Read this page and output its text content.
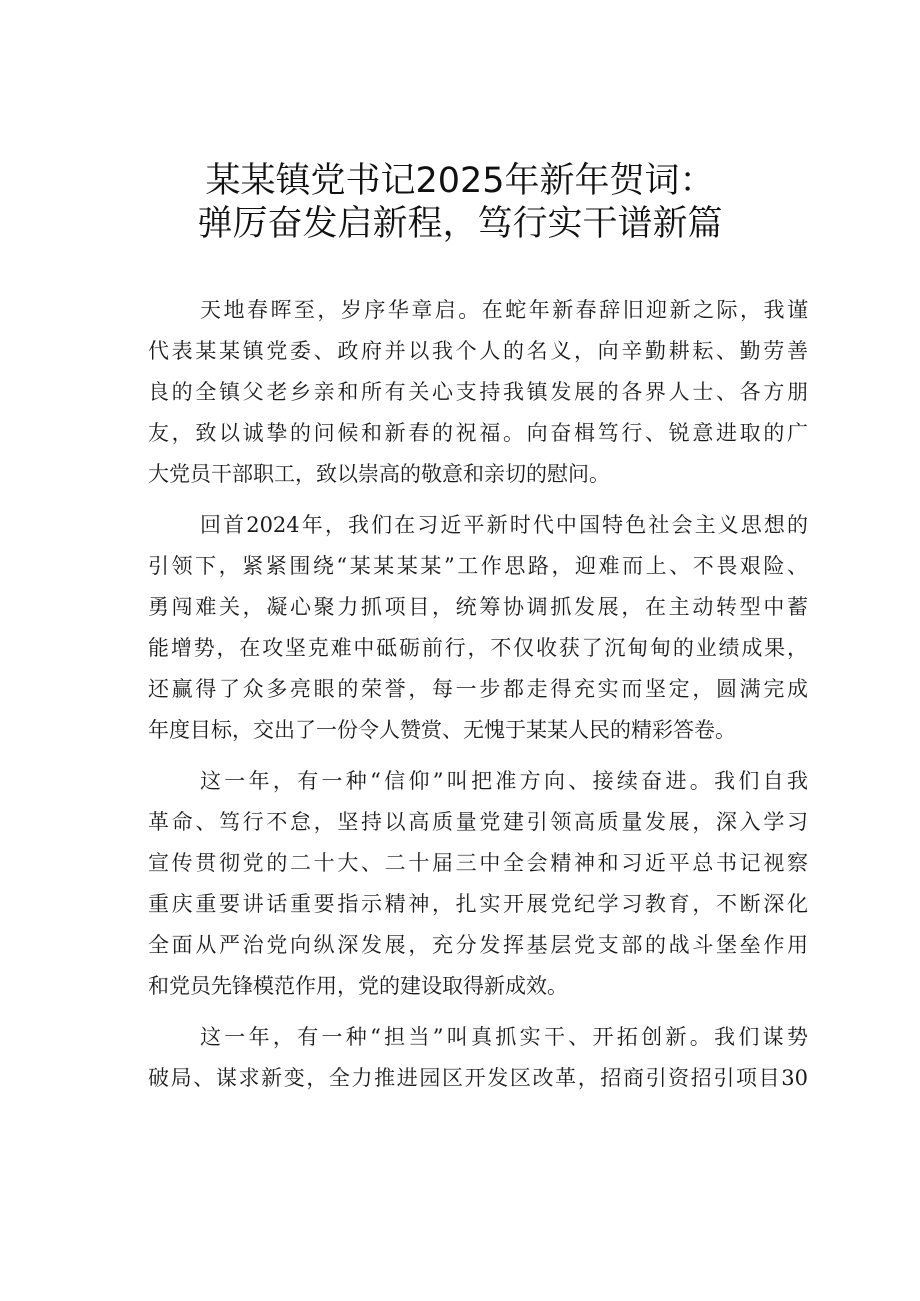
某某镇党书记2025年新年贺词：
弹厉奋发启新程，笃行实干谱新篇
天地春晖至，岁序华章启。在蛇年新春辞旧迎新之际，我谨
代表某某镇党委、政府并以我个人的名义，向辛勤耕耘、勤劳善
良的全镇父老乡亲和所有关心支持我镇发展的各界人士、各方朋
友，致以诚挚的问候和新春的祝福。向奋楫笃行、锐意进取的广
大党员干部职工，致以崇高的敬意和亲切的慰问。
回首2024年，我们在习近平新时代中国特色社会主义思想的
引领下，紧紧围绕“某某某某”工作思路，迎难而上、不畏艰险、
勇闯难关，凝心聚力抓项目，统筹协调抓发展，在主动转型中蓄
能增势，在攻坚克难中砥砺前行，不仅收获了沉甸甸的业绩成果，
还赢得了众多亮眼的荣誉，每一步都走得充实而坚定，圆满完成
年度目标，交出了一份令人赞赏、无愧于某某人民的精彩答卷。
这一年，有一种“信仰”叫把准方向、接续奋进。我们自我
革命、笃行不怠，坚持以高质量党建引领高质量发展，深入学习
宣传贯彻党的二十大、二十届三中全会精神和习近平总书记视察
重庆重要讲话重要指示精神，扎实开展党纪学习教育，不断深化
全面从严治党向纵深发展，充分发挥基层党支部的战斗堡垒作用
和党员先锋模范作用，党的建设取得新成效。
这一年，有一种“担当”叫真抓实干、开拓创新。我们谋势
破局、谋求新变，全力推进园区开发区改革，招商引资招引项目30
